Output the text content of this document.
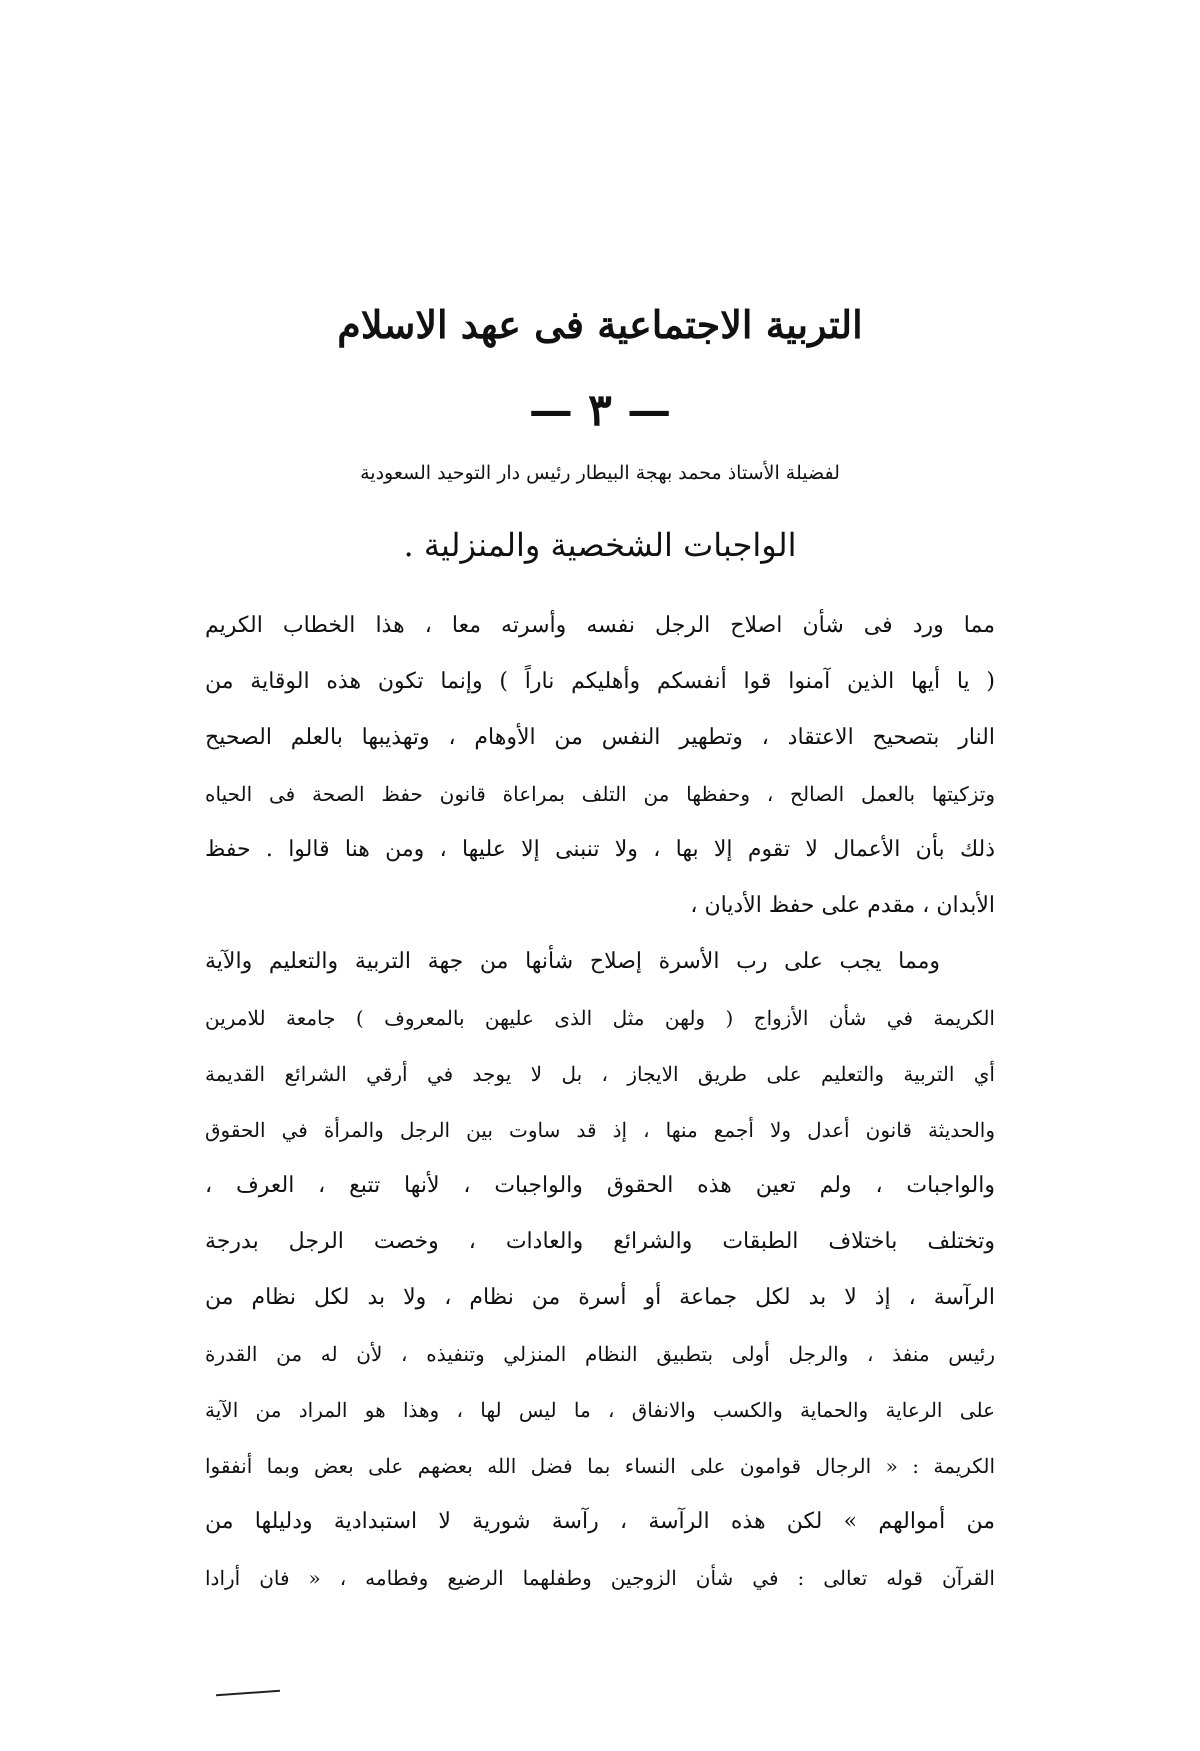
التربية الاجتماعية فى عهد الاسلام
— ٣ —
لفضيلة الأستاذ محمد بهجة البيطار رئيس دار التوحيد السعودية
الواجبات الشخصية والمنزلية .
مما ورد فى شأن اصلاح الرجل نفسه وأسرته معا ، هذا الخطاب الكريم
( يا أيها الذين آمنوا قوا أنفسكم وأهليكم ناراً ) وإنما تكون هذه الوقاية من
النار بتصحيح الاعتقاد ، وتطهير النفس من الأوهام ، وتهذيبها بالعلم الصحيح
وتزكيتها بالعمل الصالح ، وحفظها من التلف بمراعاة قانون حفظ الصحة فى الحياه
ذلك بأن الأعمال لا تقوم إلا بها ، ولا تنبنى إلا عليها ، ومن هنا قالوا . حفظ
الأبدان ، مقدم على حفظ الأديان ،
ومما يجب على رب الأسرة إصلاح شأنها من جهة التربية والتعليم والآية
الكريمة في شأن الأزواج ( ولهن مثل الذى عليهن بالمعروف ) جامعة للامرين
أي التربية والتعليم على طريق الايجاز ، بل لا يوجد في أرقي الشرائع القديمة
والحديثة قانون أعدل ولا أجمع منها ، إذ قد ساوت بين الرجل والمرأة في الحقوق
والواجبات ، ولم تعين هذه الحقوق والواجبات ، لأنها تتبع ، العرف ،
وتختلف باختلاف الطبقات والشرائع والعادات ، وخصت الرجل بدرجة
الرآسة ، إذ لا بد لكل جماعة أو أسرة من نظام ، ولا بد لكل نظام من
رئيس منفذ ، والرجل أولى بتطبيق النظام المنزلي وتنفيذه ، لأن له من القدرة
على الرعاية والحماية والكسب والانفاق ، ما ليس لها ، وهذا هو المراد من الآية
الكريمة : « الرجال قوامون على النساء بما فضل الله بعضهم على بعض وبما أنفقوا
من أموالهم » لكن هذه الرآسة ، رآسة شورية لا استبدادية ودليلها من
القرآن قوله تعالى : في شأن الزوجين وطفلهما الرضيع وفطامه ، « فان أرادا
